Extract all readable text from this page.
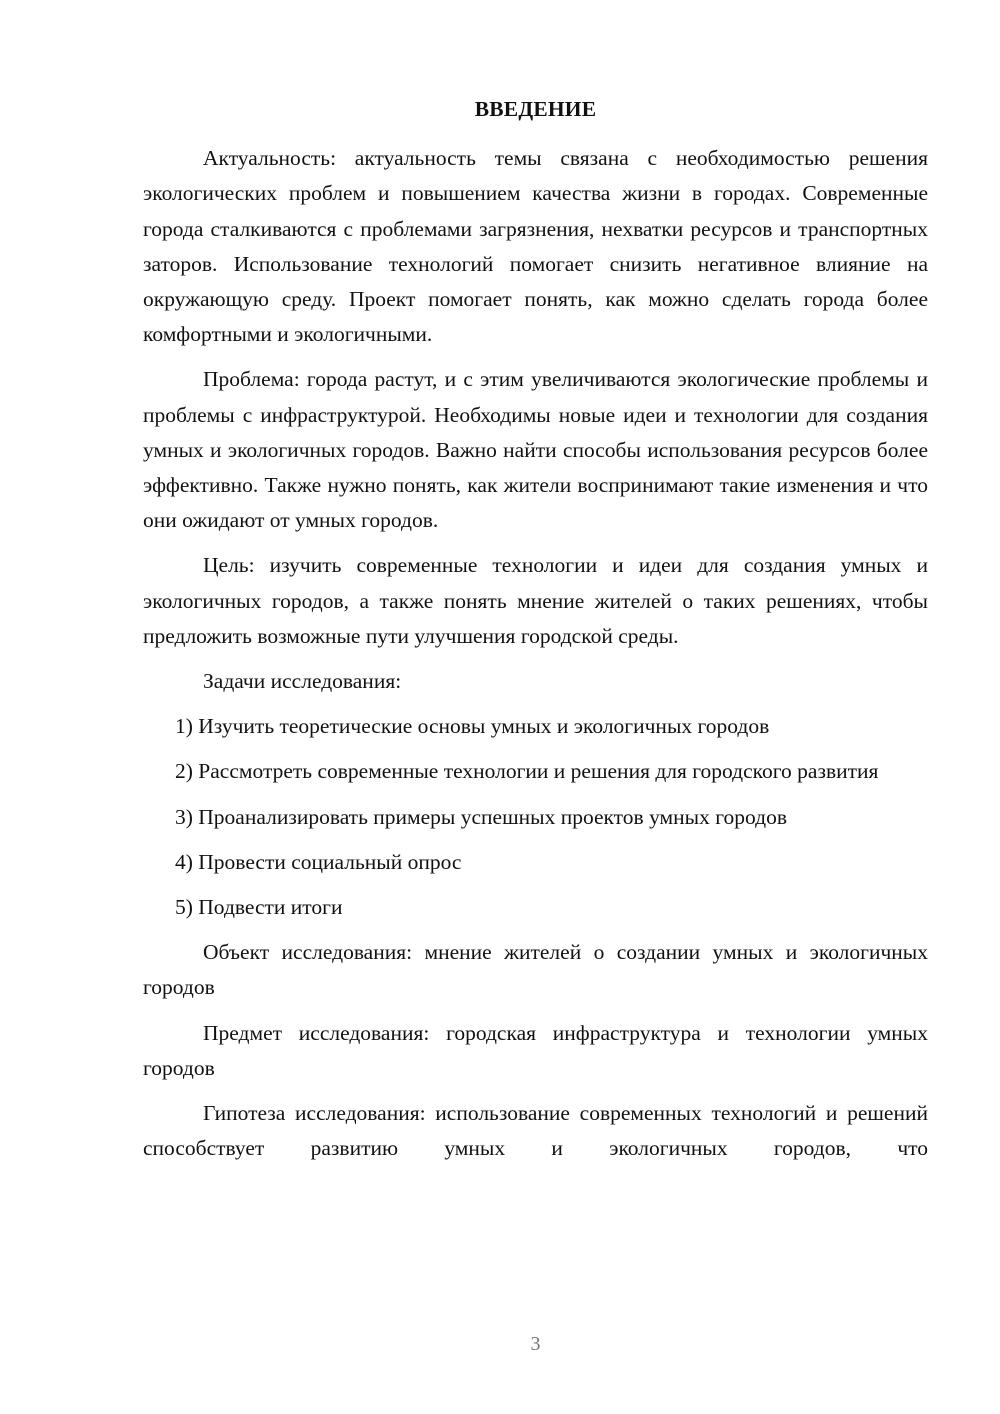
ВВЕДЕНИЕ

Актуальность: актуальность темы связана с необходимостью решения экологических проблем и повышением качества жизни в городах. Современные города сталкиваются с проблемами загрязнения, нехватки ресурсов и транспортных заторов. Использование технологий помогает снизить негативное влияние на окружающую среду. Проект помогает понять, как можно сделать города более комфортными и экологичными.

Проблема: города растут, и с этим увеличиваются экологические проблемы и проблемы с инфраструктурой. Необходимы новые идеи и технологии для создания умных и экологичных городов. Важно найти способы использования ресурсов более эффективно. Также нужно понять, как жители воспринимают такие изменения и что они ожидают от умных городов.

Цель: изучить современные технологии и идеи для создания умных и экологичных городов, а также понять мнение жителей о таких решениях, чтобы предложить возможные пути улучшения городской среды.

Задачи исследования:

1) Изучить теоретические основы умных и экологичных городов
2) Рассмотреть современные технологии и решения для городского развития
3) Проанализировать примеры успешных проектов умных городов
4) Провести социальный опрос
5) Подвести итоги

Объект исследования: мнение жителей о создании умных и экологичных городов

Предмет исследования: городская инфраструктура и технологии умных городов

Гипотеза исследования: использование современных технологий и решений способствует развитию умных и экологичных городов, что

3
